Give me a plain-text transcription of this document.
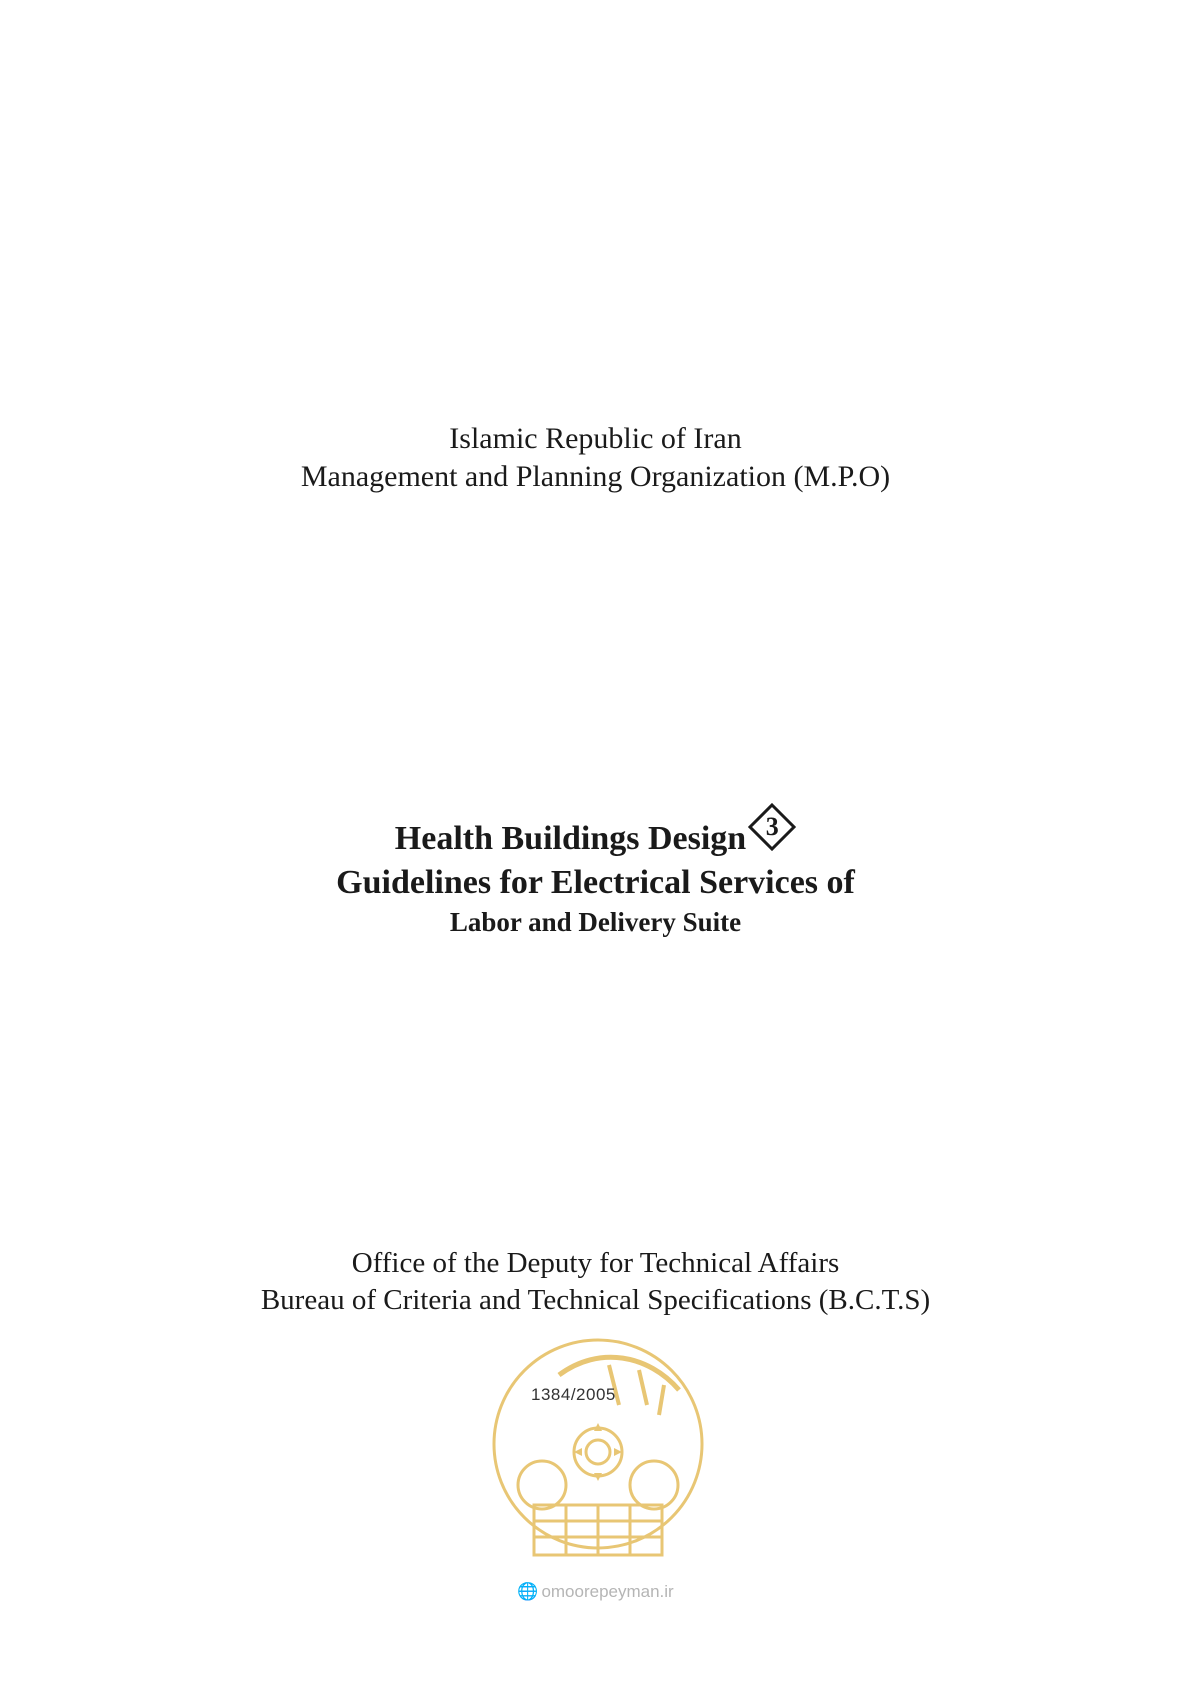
Islamic Republic of Iran
Management and Planning Organization (M.P.O)
Health Buildings Design 3
Guidelines for Electrical Services of
Labor and Delivery Suite
Office of the Deputy for Technical Affairs
Bureau of Criteria and Technical Specifications (B.C.T.S)
1384/2005
🌐 omoorepeyman.ir
